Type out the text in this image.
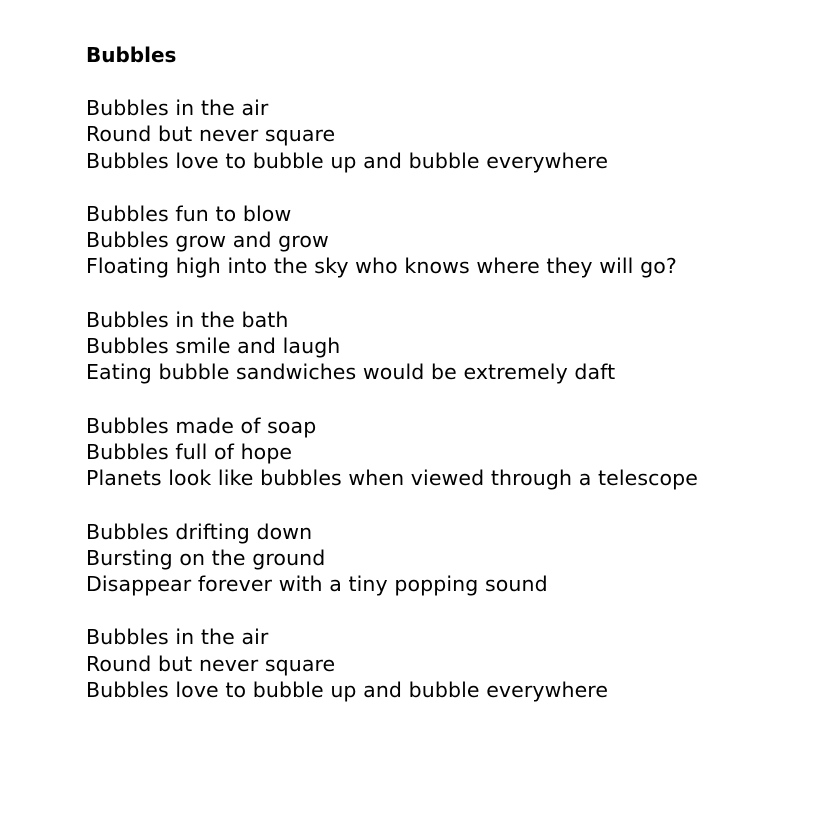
Bubbles
Bubbles in the air
Round but never square
Bubbles love to bubble up and bubble everywhere
Bubbles fun to blow
Bubbles grow and grow
Floating high into the sky who knows where they will go?
Bubbles in the bath
Bubbles smile and laugh
Eating bubble sandwiches would be extremely daft
Bubbles made of soap
Bubbles full of hope
Planets look like bubbles when viewed through a telescope
Bubbles drifting down
Bursting on the ground
Disappear forever with a tiny popping sound
Bubbles in the air
Round but never square
Bubbles love to bubble up and bubble everywhere
